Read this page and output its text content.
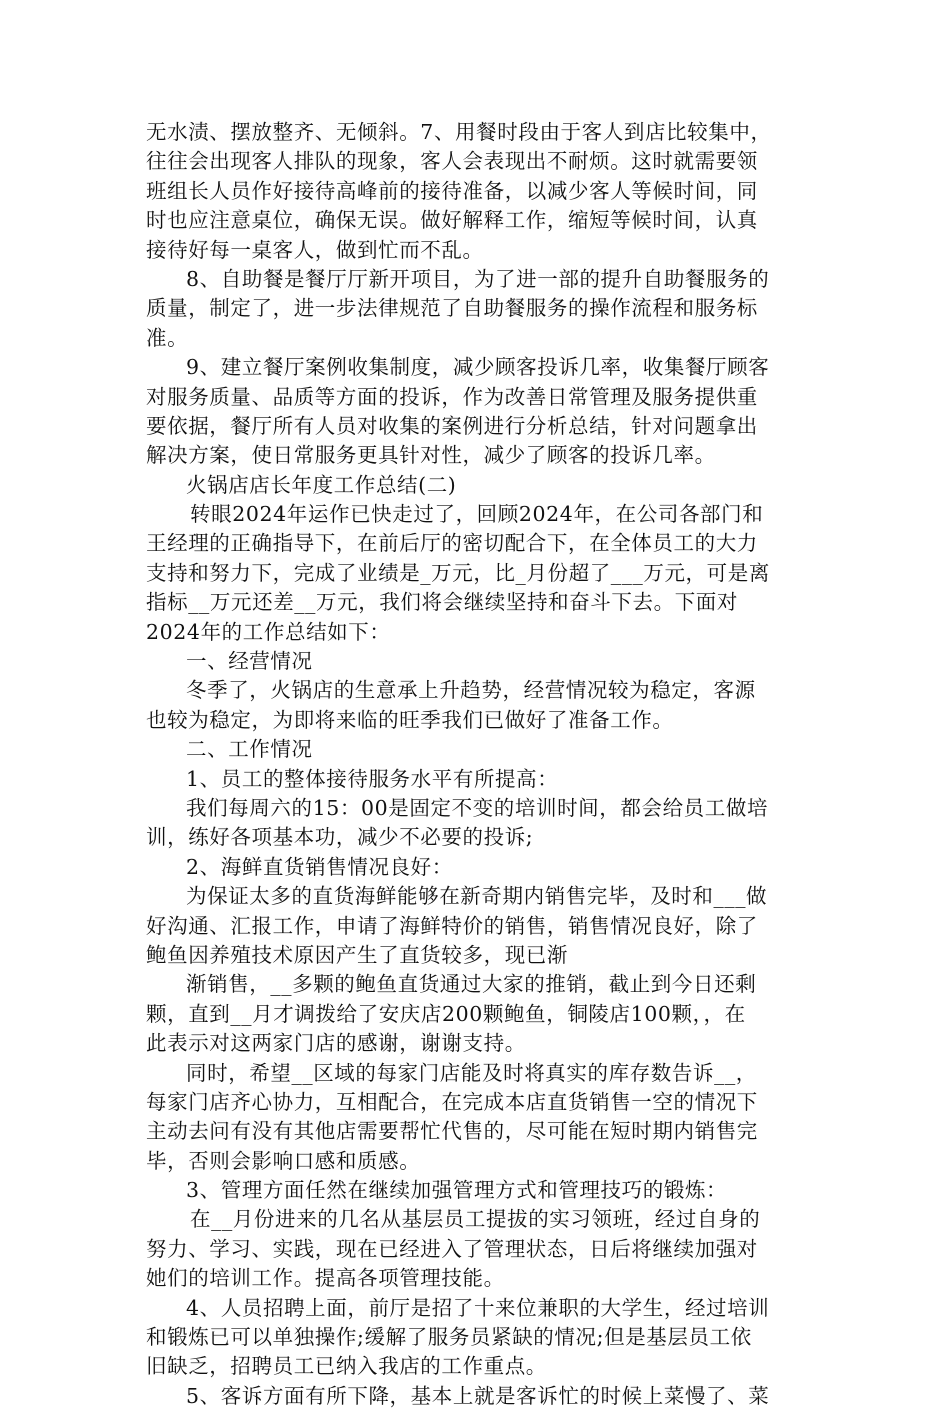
无水渍、摆放整齐、无倾斜。7、用餐时段由于客人到店比较集中，
往往会出现客人排队的现象，客人会表现出不耐烦。这时就需要领
班组长人员作好接待高峰前的接待准备，以减少客人等候时间，同
时也应注意桌位，确保无误。做好解释工作，缩短等候时间，认真
接待好每一桌客人，做到忙而不乱。
8、自助餐是餐厅厅新开项目，为了进一部的提升自助餐服务的
质量，制定了，进一步法律规范了自助餐服务的操作流程和服务标
准。
9、建立餐厅案例收集制度，减少顾客投诉几率，收集餐厅顾客
对服务质量、品质等方面的投诉，作为改善日常管理及服务提供重
要依据，餐厅所有人员对收集的案例进行分析总结，针对问题拿出
解决方案，使日常服务更具针对性，减少了顾客的投诉几率。
火锅店店长年度工作总结(二)
转眼2024年运作已快走过了，回顾2024年，在公司各部门和
王经理的正确指导下，在前后厅的密切配合下，在全体员工的大力
支持和努力下，完成了业绩是_万元，比_月份超了___万元，可是离
指标__万元还差__万元，我们将会继续坚持和奋斗下去。下面对
2024年的工作总结如下：
一、经营情况
冬季了，火锅店的生意承上升趋势，经营情况较为稳定，客源
也较为稳定，为即将来临的旺季我们已做好了准备工作。
二、工作情况
1、员工的整体接待服务水平有所提高：
我们每周六的15：00是固定不变的培训时间，都会给员工做培
训，练好各项基本功，减少不必要的投诉;
2、海鲜直货销售情况良好：
为保证太多的直货海鲜能够在新奇期内销售完毕，及时和___做
好沟通、汇报工作，申请了海鲜特价的销售，销售情况良好，除了
鲍鱼因养殖技术原因产生了直货较多，现已渐
渐销售，__多颗的鲍鱼直货通过大家的推销，截止到今日还剩
颗，直到__月才调拨给了安庆店200颗鲍鱼，铜陵店100颗，，在
此表示对这两家门店的感谢，谢谢支持。
同时，希望__区域的每家门店能及时将真实的库存数告诉__，
每家门店齐心协力，互相配合，在完成本店直货销售一空的情况下
主动去问有没有其他店需要帮忙代售的，尽可能在短时期内销售完
毕，否则会影响口感和质感。
3、管理方面任然在继续加强管理方式和管理技巧的锻炼：
在__月份进来的几名从基层员工提拔的实习领班，经过自身的
努力、学习、实践，现在已经进入了管理状态，日后将继续加强对
她们的培训工作。提高各项管理技能。
4、人员招聘上面，前厅是招了十来位兼职的大学生，经过培训
和锻炼已可以单独操作;缓解了服务员紧缺的情况;但是基层员工依
旧缺乏，招聘员工已纳入我店的工作重点。
5、客诉方面有所下降，基本上就是客诉忙的时候上菜慢了、菜
